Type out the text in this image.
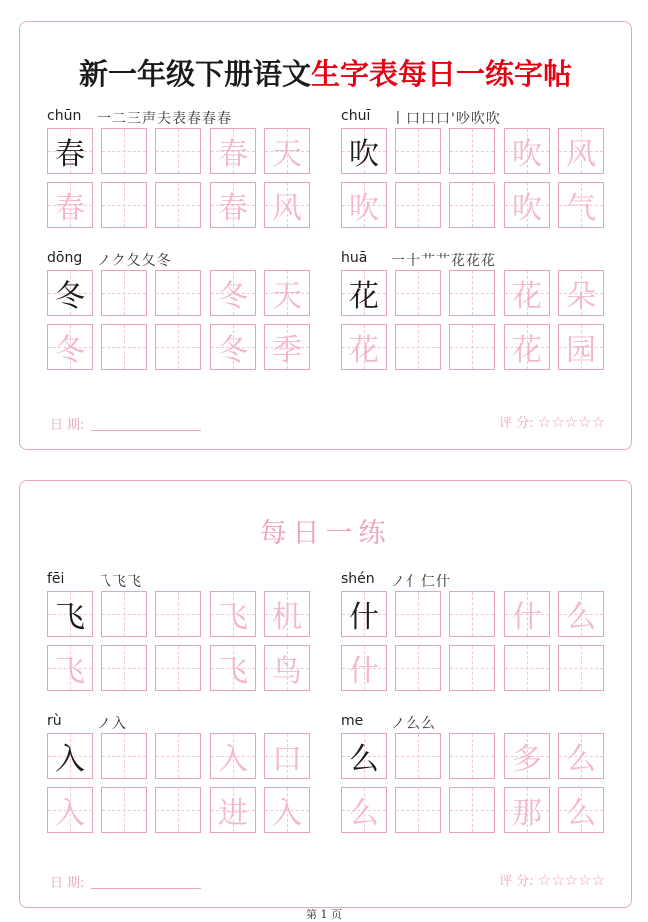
新一年级下册语文生字表每日一练字帖
日 期:	评 分: ☆☆☆☆☆
每日一练
日 期:	评 分: ☆☆☆☆☆
chūn 一二三声夫表春春春
春	春 天
春	春 风
chuī 丨口口口'吵吹吹
吹	吹 风
吹	吹 气
dōng ノク夂夂冬
冬	冬 天
冬	冬 季
huā 一十艹艹花花花
花	花 朵
花	花 园
fēi 乁飞飞
飞	飞 机
飞	飞 鸟
shén ノ亻仁什
什	什 么
什
rù	ノ入
入	入 口
入	进 入
me ノ么么
么	多 么
么	那 么
第 1 页
